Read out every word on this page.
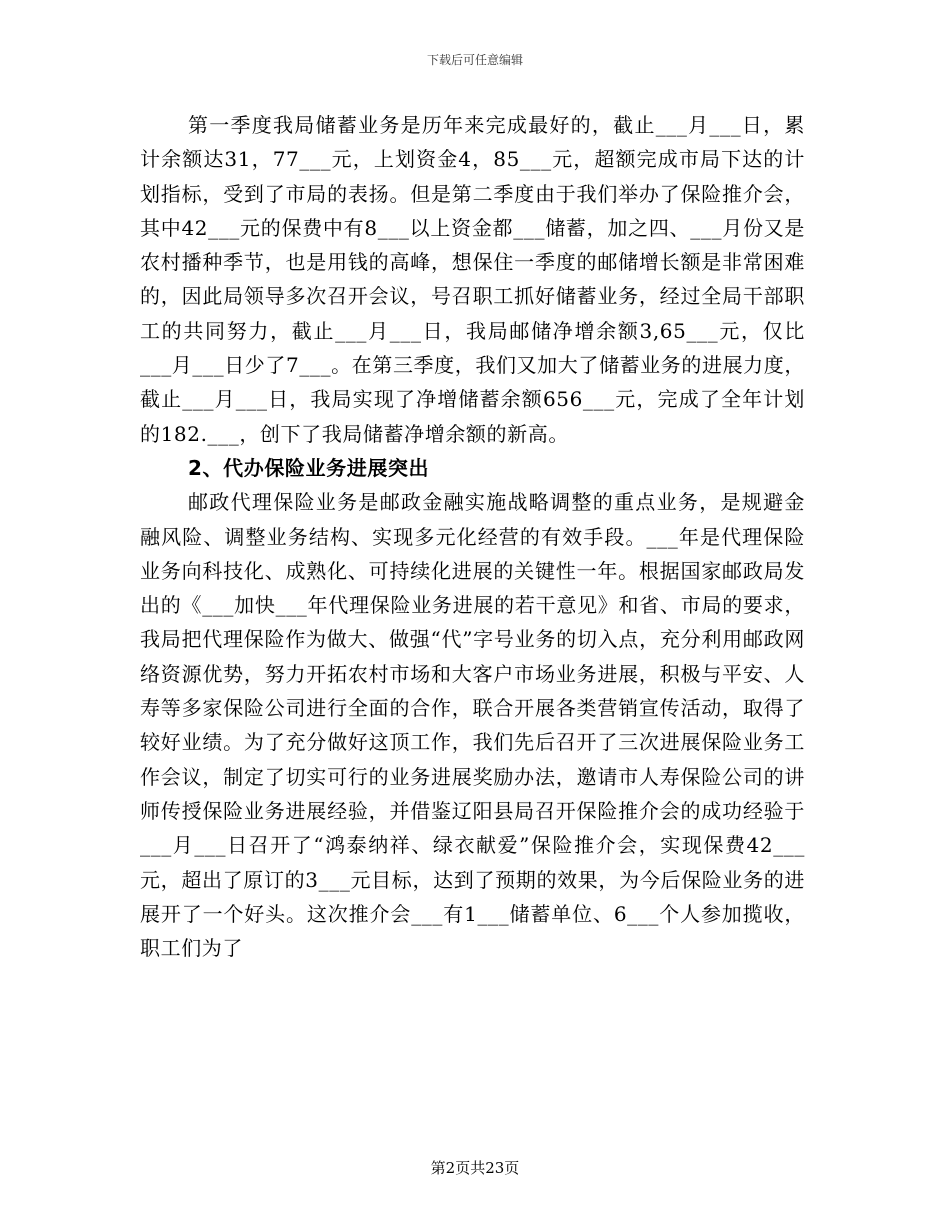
下载后可任意编辑

第一季度我局储蓄业务是历年来完成最好的，截止___月___日，累计余额达31，77___元，上划资金4，85___元，超额完成市局下达的计划指标，受到了市局的表扬。但是第二季度由于我们举办了保险推介会，其中42___元的保费中有8___以上资金都___储蓄，加之四、___月份又是农村播种季节，也是用钱的高峰，想保住一季度的邮储增长额是非常困难的，因此局领导多次召开会议，号召职工抓好储蓄业务，经过全局干部职工的共同努力，截止___月___日，我局邮储净增余额3,65___元，仅比___月___日少了7___。在第三季度，我们又加大了储蓄业务的进展力度，截止___月___日，我局实现了净增储蓄余额656___元，完成了全年计划的182.___，创下了我局储蓄净增余额的新高。

2、代办保险业务进展突出

邮政代理保险业务是邮政金融实施战略调整的重点业务，是规避金融风险、调整业务结构、实现多元化经营的有效手段。___年是代理保险业务向科技化、成熟化、可持续化进展的关键性一年。根据国家邮政局发出的《___加快___年代理保险业务进展的若干意见》和省、市局的要求，我局把代理保险作为做大、做强“代”字号业务的切入点，充分利用邮政网络资源优势，努力开拓农村市场和大客户市场业务进展，积极与平安、人寿等多家保险公司进行全面的合作，联合开展各类营销宣传活动，取得了较好业绩。为了充分做好这顶工作，我们先后召开了三次进展保险业务工作会议，制定了切实可行的业务进展奖励办法，邀请市人寿保险公司的讲师传授保险业务进展经验，并借鉴辽阳县局召开保险推介会的成功经验于___月___日召开了“鸿泰纳祥、绿衣献爱”保险推介会，实现保费42___元，超出了原订的3___元目标，达到了预期的效果，为今后保险业务的进展开了一个好头。这次推介会___有1___储蓄单位、6___个人参加揽收，职工们为了

第2页共23页
